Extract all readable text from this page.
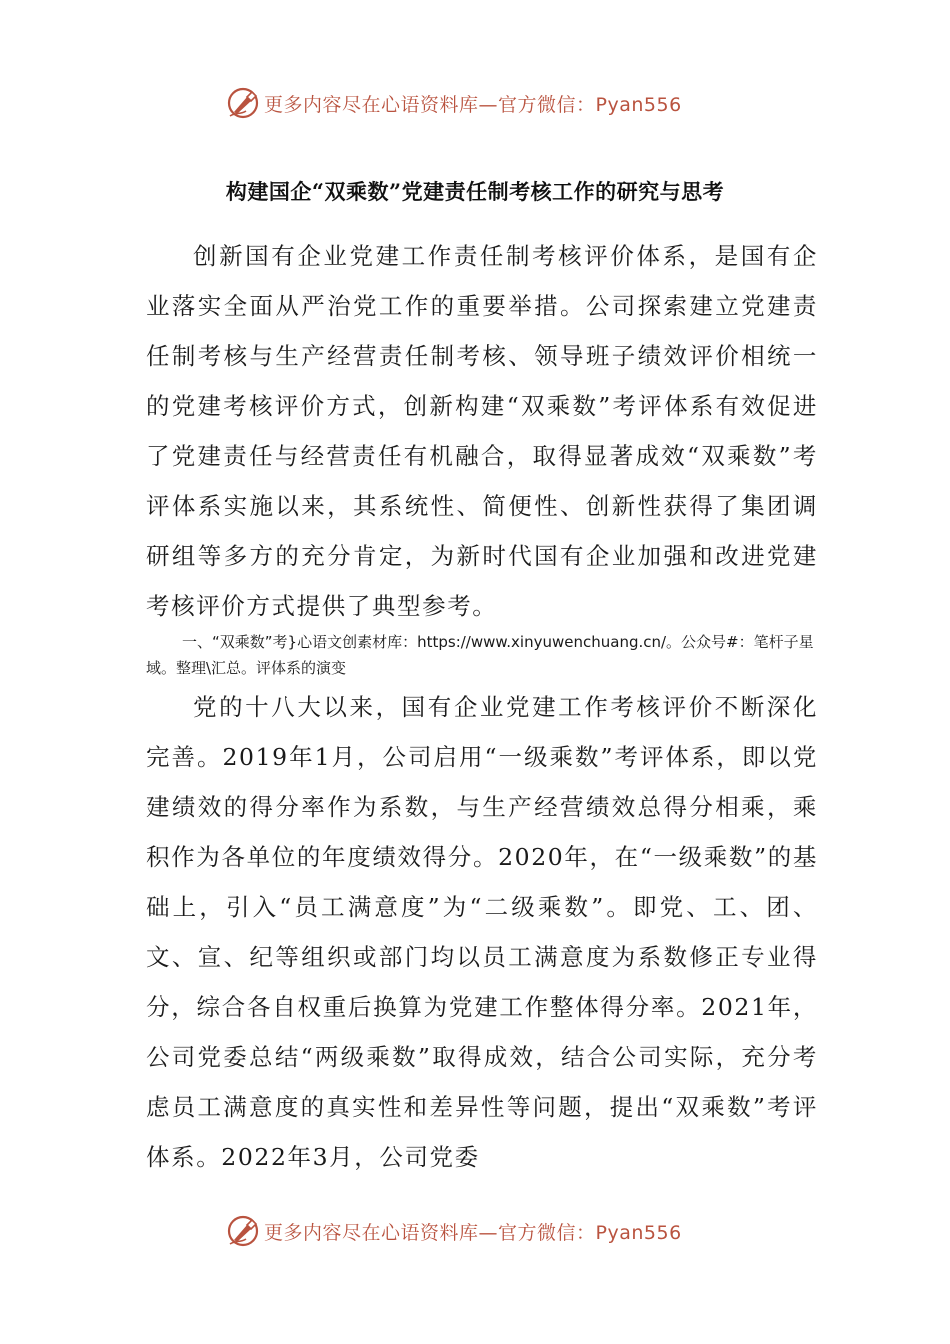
更多内容尽在心语资料库—官方微信：Pyan556
构建国企“双乘数”党建责任制考核工作的研究与思考

创新国有企业党建工作责任制考核评价体系，是国有企业落实全面从严治党工作的重要举措。公司探索建立党建责任制考核与生产经营责任制考核、领导班子绩效评价相统一的党建考核评价方式，创新构建“双乘数”考评体系有效促进了党建责任与经营责任有机融合，取得显著成效“双乘数”考评体系实施以来，其系统性、简便性、创新性获得了集团调研组等多方的充分肯定，为新时代国有企业加强和改进党建考核评价方式提供了典型参考。

一、“双乘数”考}心语文创素材库：https://www.xinyuwenchuang.cn/。公众号#：笔杆子星域。整理\汇总。评体系的演变

党的十八大以来，国有企业党建工作考核评价不断深化完善。2019年1月，公司启用“一级乘数”考评体系，即以党建绩效的得分率作为系数，与生产经营绩效总得分相乘，乘积作为各单位的年度绩效得分。2020年，在“一级乘数”的基础上，引入“员工满意度”为“二级乘数”。即党、工、团、文、宣、纪等组织或部门均以员工满意度为系数修正专业得分，综合各自权重后换算为党建工作整体得分率。2021年，公司党委总结“两级乘数”取得成效，结合公司实际，充分考虑员工满意度的真实性和差异性等问题，提出“双乘数”考评体系。2022年3月，公司党委

更多内容尽在心语资料库—官方微信：Pyan556
